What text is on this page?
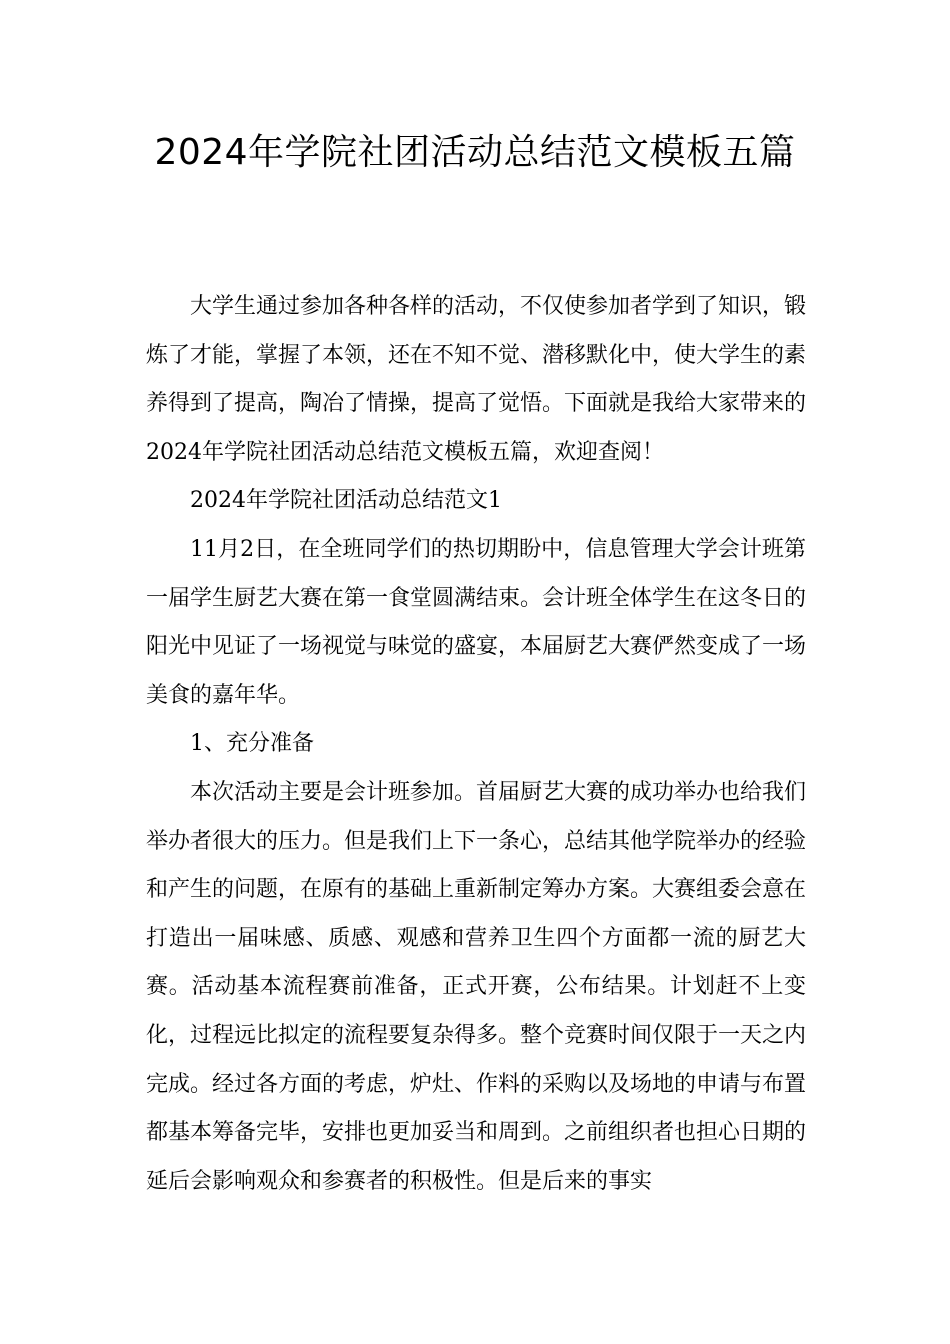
2024年学院社团活动总结范文模板五篇

大学生通过参加各种各样的活动，不仅使参加者学到了知识，锻炼了才能，掌握了本领，还在不知不觉、潜移默化中，使大学生的素养得到了提高，陶冶了情操，提高了觉悟。下面就是我给大家带来的2024年学院社团活动总结范文模板五篇，欢迎查阅！

2024年学院社团活动总结范文1

11月2日，在全班同学们的热切期盼中，信息管理大学会计班第一届学生厨艺大赛在第一食堂圆满结束。会计班全体学生在这冬日的阳光中见证了一场视觉与味觉的盛宴，本届厨艺大赛俨然变成了一场美食的嘉年华。

1、充分准备

本次活动主要是会计班参加。首届厨艺大赛的成功举办也给我们举办者很大的压力。但是我们上下一条心，总结其他学院举办的经验和产生的问题，在原有的基础上重新制定筹办方案。大赛组委会意在打造出一届味感、质感、观感和营养卫生四个方面都一流的厨艺大赛。活动基本流程赛前准备，正式开赛，公布结果。计划赶不上变化，过程远比拟定的流程要复杂得多。整个竞赛时间仅限于一天之内完成。经过各方面的考虑，炉灶、作料的采购以及场地的申请与布置都基本筹备完毕，安排也更加妥当和周到。之前组织者也担心日期的延后会影响观众和参赛者的积极性。但是后来的事实
